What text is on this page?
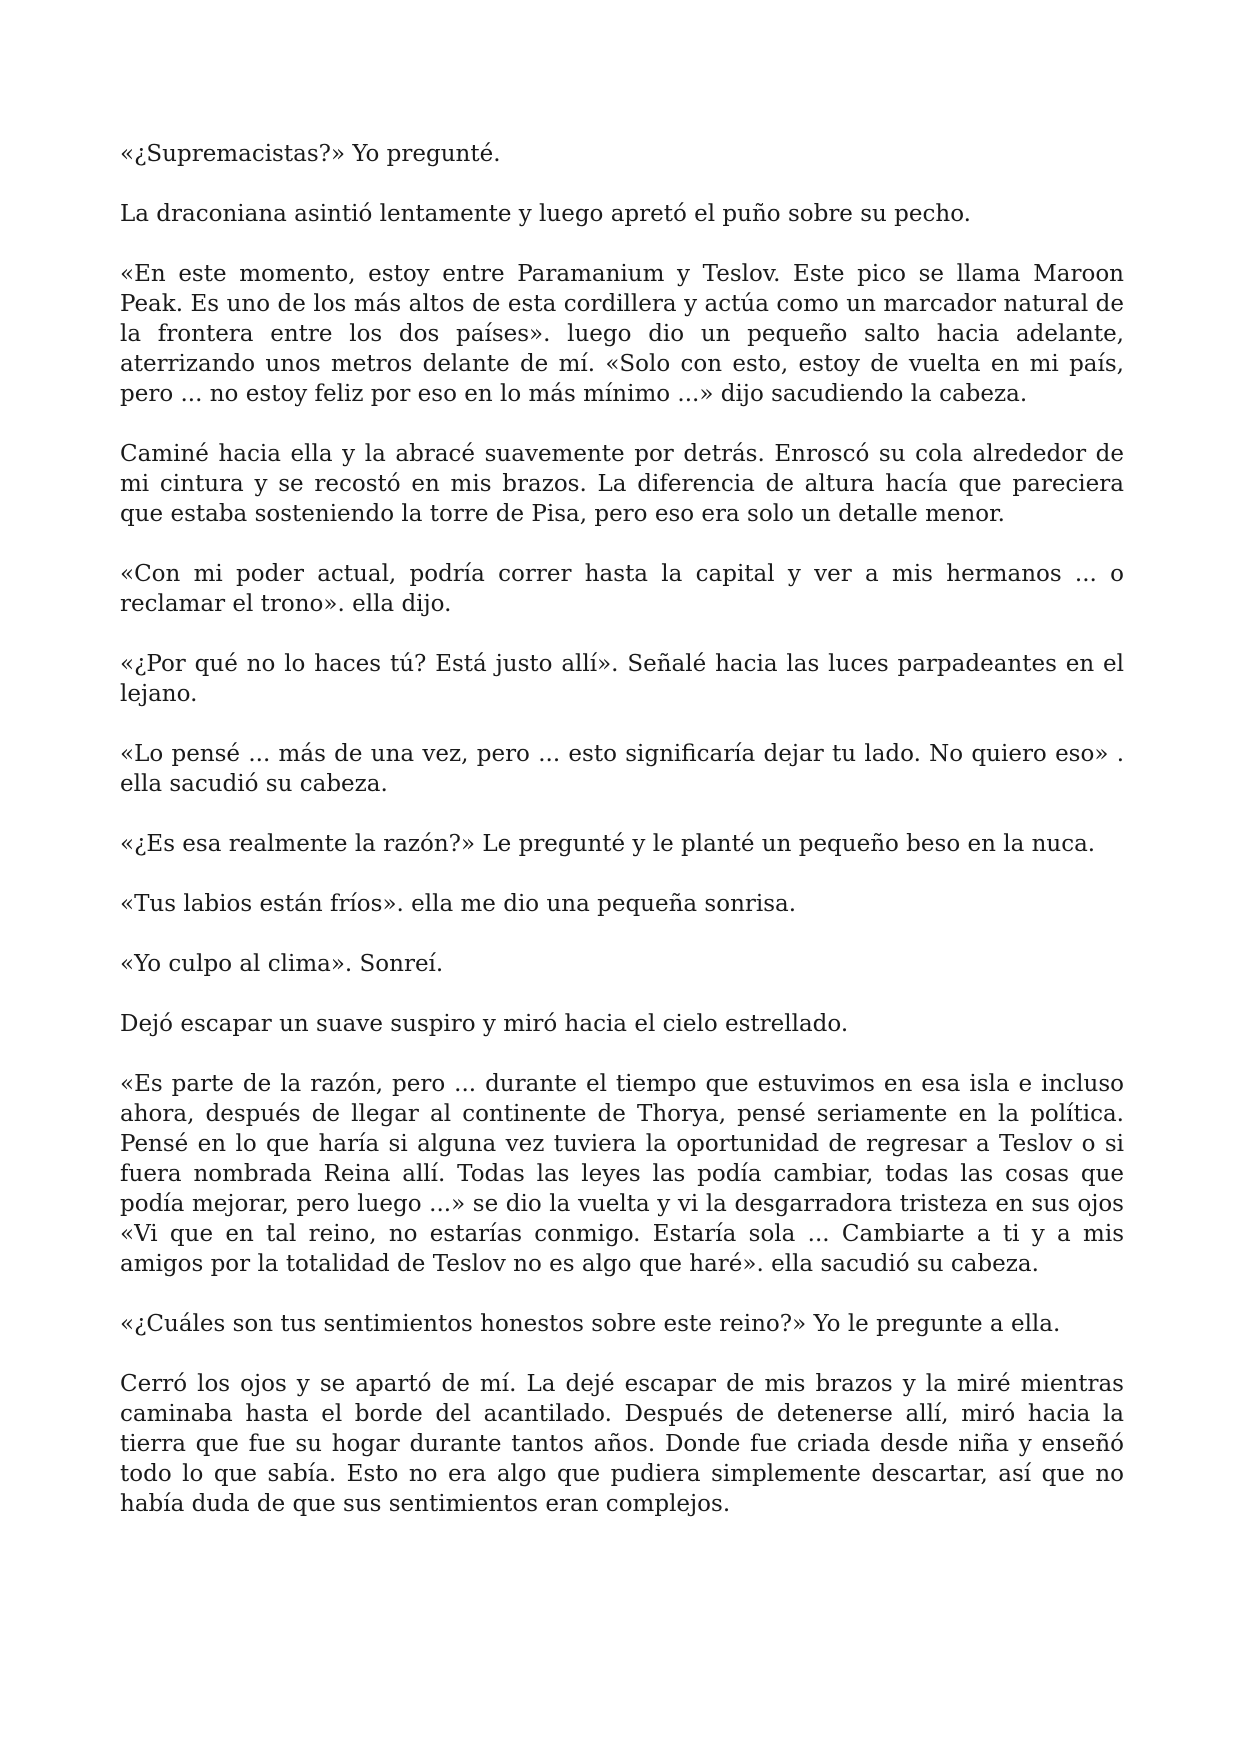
«¿Supremacistas?» Yo pregunté.

La draconiana asintió lentamente y luego apretó el puño sobre su pecho.

«En este momento, estoy entre Paramanium y Teslov. Este pico se llama Maroon Peak. Es uno de los más altos de esta cordillera y actúa como un marcador natural de la frontera entre los dos países». luego dio un pequeño salto hacia adelante, aterrizando unos metros delante de mí. «Solo con esto, estoy de vuelta en mi país, pero ... no estoy feliz por eso en lo más mínimo ...» dijo sacudiendo la cabeza.

Caminé hacia ella y la abracé suavemente por detrás. Enroscó su cola alrededor de mi cintura y se recostó en mis brazos. La diferencia de altura hacía que pareciera que estaba sosteniendo la torre de Pisa, pero eso era solo un detalle menor.

«Con mi poder actual, podría correr hasta la capital y ver a mis hermanos ... o reclamar el trono». ella dijo.

«¿Por qué no lo haces tú? Está justo allí». Señalé hacia las luces parpadeantes en el lejano.

«Lo pensé ... más de una vez, pero ... esto significaría dejar tu lado. No quiero eso» . ella sacudió su cabeza.

«¿Es esa realmente la razón?» Le pregunté y le planté un pequeño beso en la nuca.

«Tus labios están fríos». ella me dio una pequeña sonrisa.

«Yo culpo al clima». Sonreí.

Dejó escapar un suave suspiro y miró hacia el cielo estrellado.

«Es parte de la razón, pero ... durante el tiempo que estuvimos en esa isla e incluso ahora, después de llegar al continente de Thorya, pensé seriamente en la política. Pensé en lo que haría si alguna vez tuviera la oportunidad de regresar a Teslov o si fuera nombrada Reina allí. Todas las leyes las podía cambiar, todas las cosas que podía mejorar, pero luego ...» se dio la vuelta y vi la desgarradora tristeza en sus ojos «Vi que en tal reino, no estarías conmigo. Estaría sola ... Cambiarte a ti y a mis amigos por la totalidad de Teslov no es algo que haré». ella sacudió su cabeza.

«¿Cuáles son tus sentimientos honestos sobre este reino?» Yo le pregunte a ella.

Cerró los ojos y se apartó de mí. La dejé escapar de mis brazos y la miré mientras caminaba hasta el borde del acantilado. Después de detenerse allí, miró hacia la tierra que fue su hogar durante tantos años. Donde fue criada desde niña y enseñó todo lo que sabía. Esto no era algo que pudiera simplemente descartar, así que no había duda de que sus sentimientos eran complejos.
